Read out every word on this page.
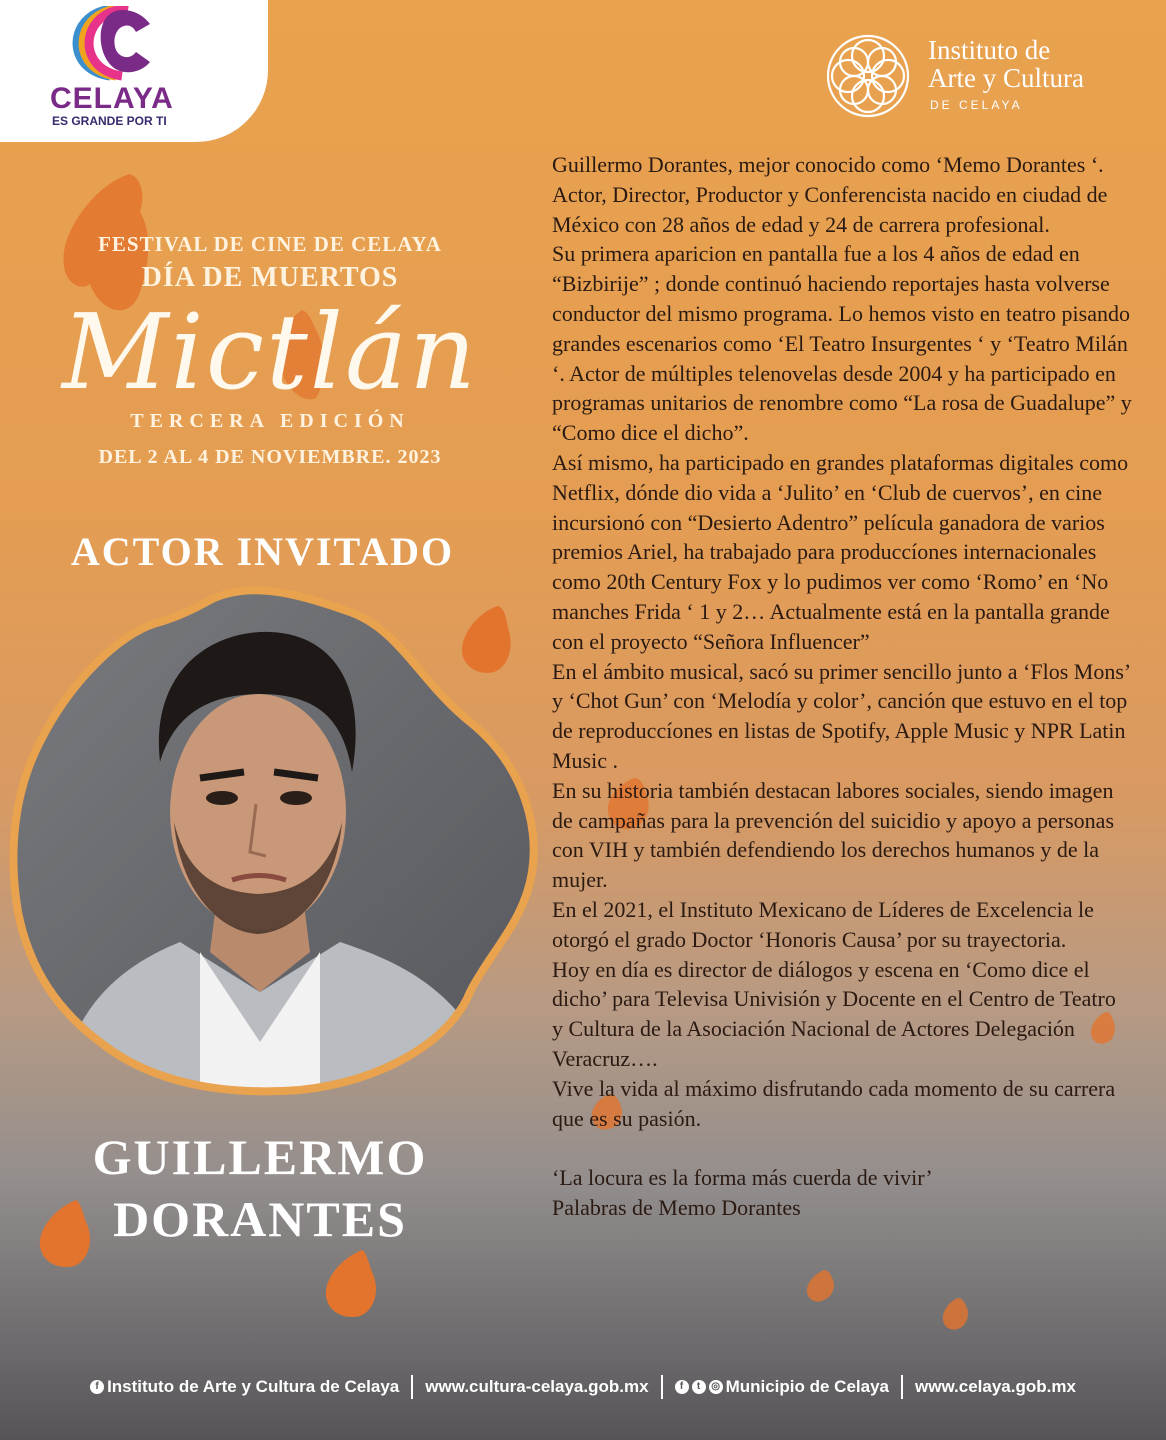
CELAYA
ES GRANDE POR TI
Instituto de
Arte y Cultura
DE CELAYA
FESTIVAL DE CINE DE CELAYA
DÍA DE MUERTOS
Mictlán
TERCERA EDICIÓN
DEL 2 AL 4 DE NOVIEMBRE. 2023
ACTOR INVITADO
GUILLERMO
DORANTES

Guillermo Dorantes, mejor conocido como ‘Memo Dorantes ‘. Actor, Director, Productor y Conferencista nacido en ciudad de México con 28 años de edad y 24 de carrera profesional.

Su primera aparicion en pantalla fue a los 4 años de edad en “Bizbirije” ; donde continuó haciendo reportajes hasta volverse conductor del mismo programa. Lo hemos visto en teatro pisando grandes escenarios como ‘El Teatro Insurgentes ‘ y ‘Teatro Milán ‘. Actor de múltiples telenovelas desde 2004 y ha participado en programas unitarios de renombre como “La rosa de Guadalupe” y “Como dice el dicho”.

Así mismo, ha participado en grandes plataformas digitales como Netflix, dónde dio vida a ‘Julito’ en ‘Club de cuervos’, en cine incursionó con “Desierto Adentro” película ganadora de varios premios Ariel, ha trabajado para produccíones internacionales como 20th Century Fox y lo pudimos ver como ‘Romo’ en ‘No manches Frida ‘ 1 y 2… Actualmente está en la pantalla grande con el proyecto “Señora Influencer”

En el ámbito musical, sacó su primer sencillo junto a ‘Flos Mons’ y ‘Chot Gun’ con ‘Melodía y color’, canción que estuvo en el top de reproduccíones en listas de Spotify, Apple Music y NPR Latin Music .

En su historia también destacan labores sociales, siendo imagen de campañas para la prevención del suicidio y apoyo a personas con VIH y también defendiendo los derechos humanos y de la mujer.

En el 2021, el Instituto Mexicano de Líderes de Excelencia le otorgó el grado Doctor ‘Honoris Causa’ por su trayectoria.

Hoy en día es director de diálogos y escena en ‘Como dice el dicho’ para Televisa Univisión y Docente en el Centro de Teatro y Cultura de la Asociación Nacional de Actores Delegación Veracruz….

Vive la vida al máximo disfrutando cada momento de su carrera que es su pasión.

‘La locura es la forma más cuerda de vivir’

Palabras de Memo Dorantes

f Instituto de Arte y Cultura de Celaya www.cultura-celaya.gob.mx	f	t	◎ Municipio de Celaya www.celaya.gob.mx
